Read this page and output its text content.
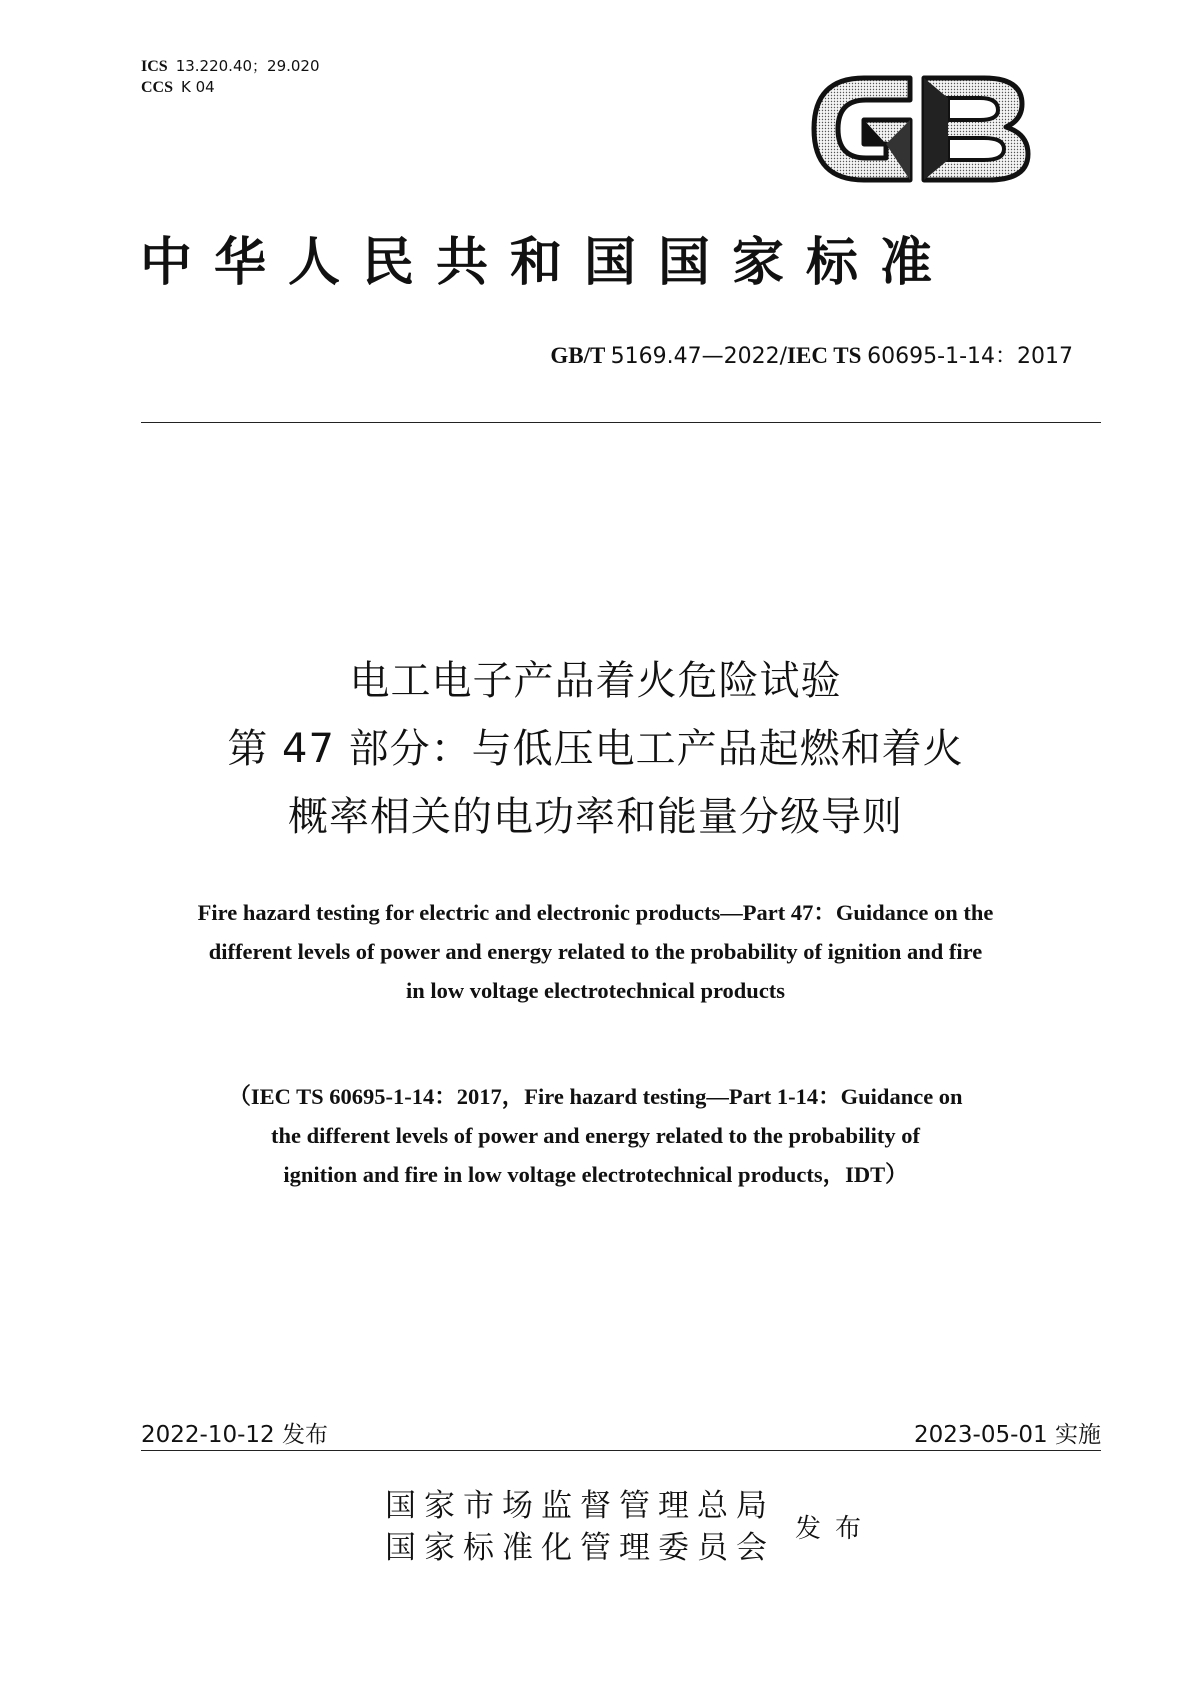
ICS 13.220.40；29.020
CCS K 04
中华人民共和国国家标准
GB/T 5169.47—2022/IEC TS 60695-1-14：2017
电工电子产品着火危险试验
第 47 部分：与低压电工产品起燃和着火
概率相关的电功率和能量分级导则
Fire hazard testing for electric and electronic products—Part 47：Guidance on the
different levels of power and energy related to the probability of ignition and fire
in low voltage electrotechnical products
（IEC TS 60695-1-14：2017，Fire hazard testing—Part 1-14：Guidance on
the different levels of power and energy related to the probability of
ignition and fire in low voltage electrotechnical products，IDT）
2022-10-12 发布	2023-05-01 实施
国家市场监督管理总局
国家标准化管理委员会
发布
